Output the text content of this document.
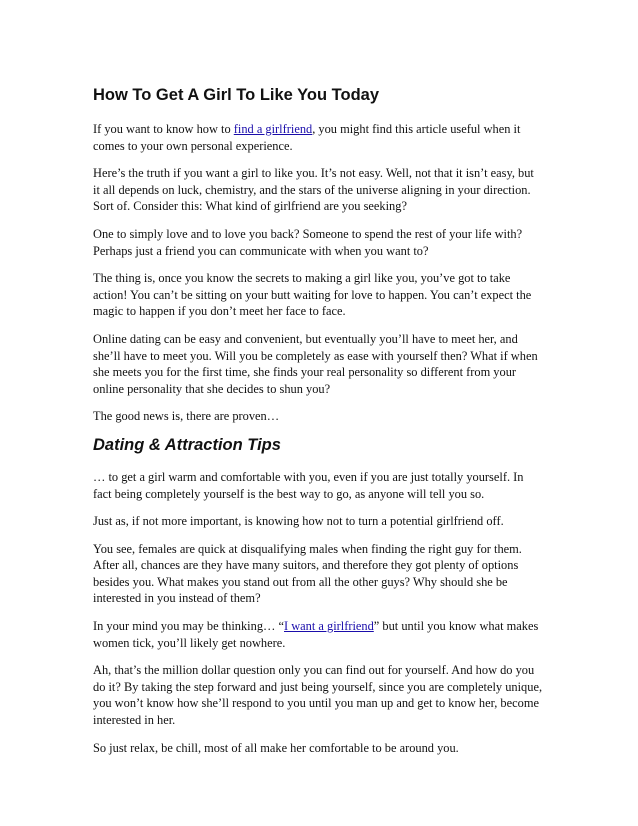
How To Get A Girl To Like You Today

If you want to know how to find a girlfriend, you might find this article useful when it comes to your own personal experience.

Here’s the truth if you want a girl to like you. It’s not easy. Well, not that it isn’t easy, but it all depends on luck, chemistry, and the stars of the universe aligning in your direction. Sort of. Consider this: What kind of girlfriend are you seeking?

One to simply love and to love you back? Someone to spend the rest of your life with? Perhaps just a friend you can communicate with when you want to?

The thing is, once you know the secrets to making a girl like you, you’ve got to take action! You can’t be sitting on your butt waiting for love to happen. You can’t expect the magic to happen if you don’t meet her face to face.

Online dating can be easy and convenient, but eventually you’ll have to meet her, and she’ll have to meet you. Will you be completely as ease with yourself then? What if when she meets you for the first time, she finds your real personality so different from your online personality that she decides to shun you?

The good news is, there are proven…

Dating & Attraction Tips

… to get a girl warm and comfortable with you, even if you are just totally yourself. In fact being completely yourself is the best way to go, as anyone will tell you so.

Just as, if not more important, is knowing how not to turn a potential girlfriend off.

You see, females are quick at disqualifying males when finding the right guy for them. After all, chances are they have many suitors, and therefore they got plenty of options besides you. What makes you stand out from all the other guys? Why should she be interested in you instead of them?

In your mind you may be thinking… “I want a girlfriend” but until you know what makes women tick, you’ll likely get nowhere.

Ah, that’s the million dollar question only you can find out for yourself. And how do you do it? By taking the step forward and just being yourself, since you are completely unique, you won’t know how she’ll respond to you until you man up and get to know her, become interested in her.

So just relax, be chill, most of all make her comfortable to be around you.
